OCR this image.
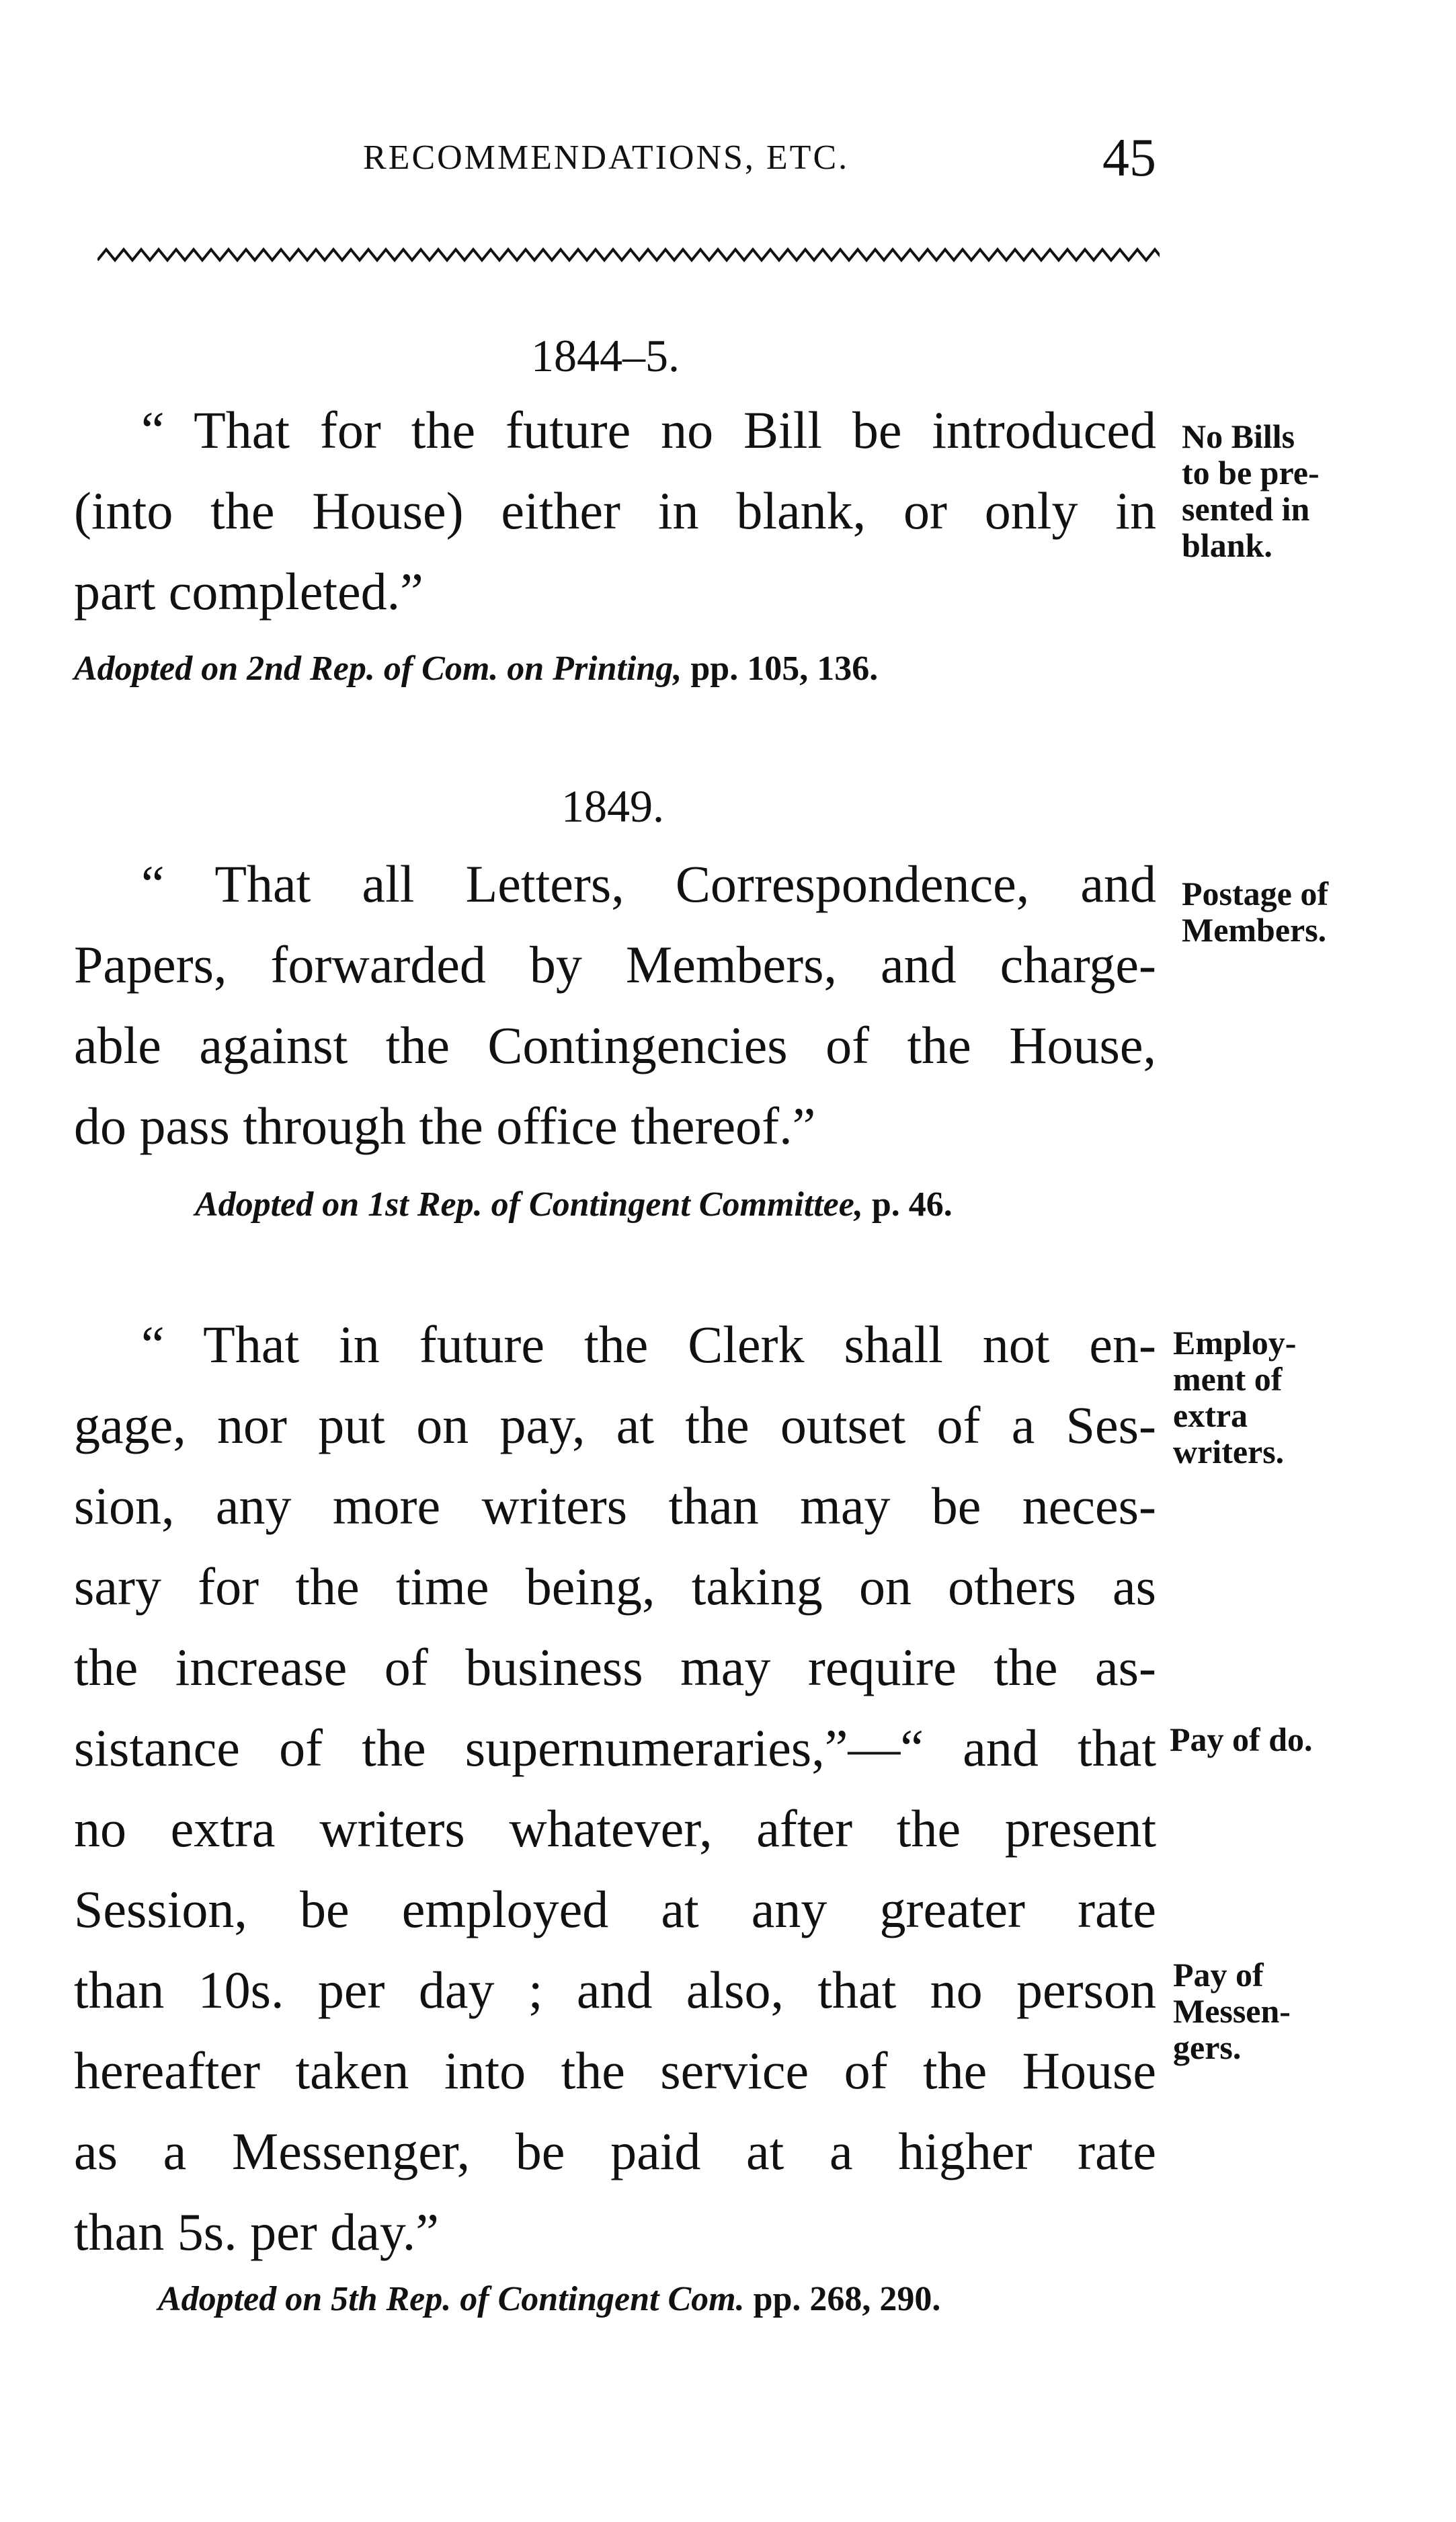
RECOMMENDATIONS, ETC.	45
1844–5.
“ That for the future no Bill be introduced
(into the House) either in blank, or only in
part completed.”
No Bills
to be pre-
sented in
blank.
Adopted on 2nd Rep. of Com. on Printing, pp. 105, 136.
1849.
“ That all Letters, Correspondence, and
Papers, forwarded by Members, and charge-
able against the Contingencies of the House,
do pass through the office thereof.”
Postage of
Members.
Adopted on 1st Rep. of Contingent Committee, p. 46.
“ That in future the Clerk shall not en-
gage, nor put on pay, at the outset of a Ses-
sion, any more writers than may be neces-
sary for the time being, taking on others as
the increase of business may require the as-
sistance of the supernumeraries,”—“ and that
no extra writers whatever, after the present
Session, be employed at any greater rate
than 10s. per day ; and also, that no person
hereafter taken into the service of the House
as a Messenger, be paid at a higher rate
than 5s. per day.”
Employ-
ment of
extra
writers.
Pay of do.
Pay of
Messen-
gers.
Adopted on 5th Rep. of Contingent Com. pp. 268, 290.
